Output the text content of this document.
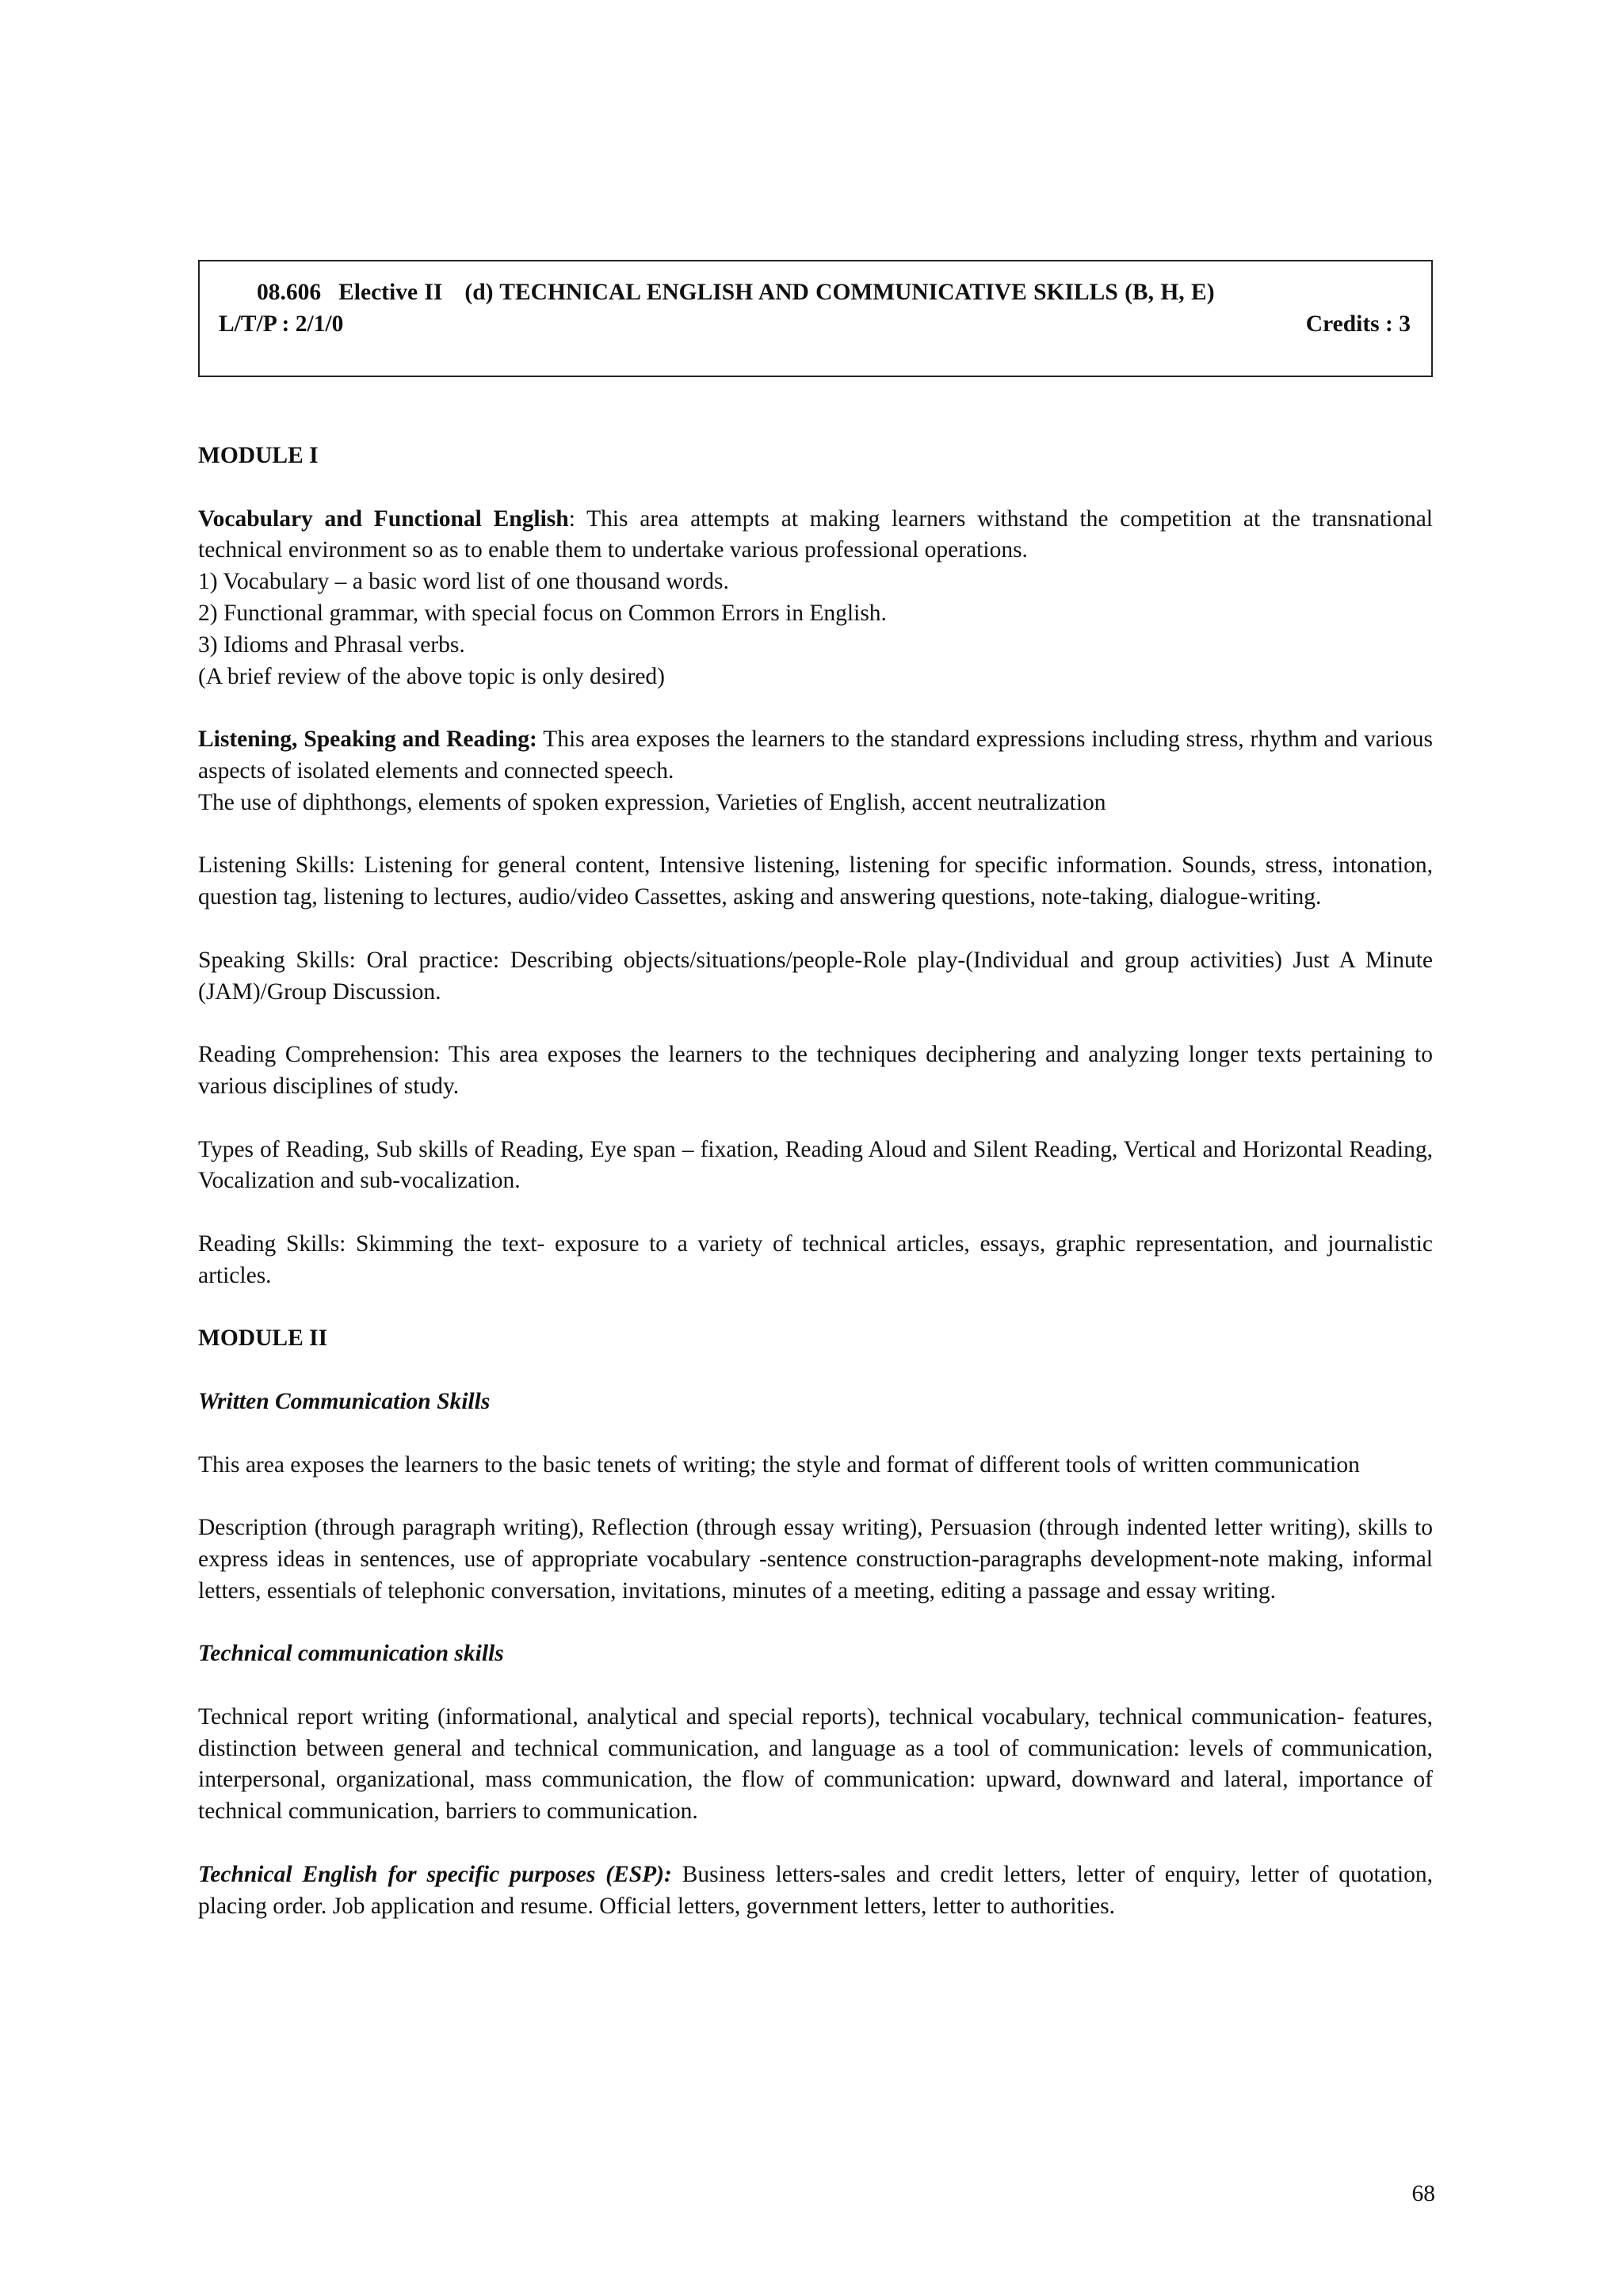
08.606 Elective II (d) TECHNICAL ENGLISH AND COMMUNICATIVE SKILLS (B, H, E)
L/T/P : 2/1/0	Credits : 3

MODULE I

Vocabulary and Functional English: This area attempts at making learners withstand the competition at the transnational technical environment so as to enable them to undertake various professional operations.

1) Vocabulary – a basic word list of one thousand words.
2) Functional grammar, with special focus on Common Errors in English.
3) Idioms and Phrasal verbs.
(A brief review of the above topic is only desired)

Listening, Speaking and Reading: This area exposes the learners to the standard expressions including stress, rhythm and various aspects of isolated elements and connected speech.

The use of diphthongs, elements of spoken expression, Varieties of English, accent neutralization

Listening Skills: Listening for general content, Intensive listening, listening for specific information. Sounds, stress, intonation, question tag, listening to lectures, audio/video Cassettes, asking and answering questions, note-taking, dialogue-writing.

Speaking Skills: Oral practice: Describing objects/situations/people-Role play-(Individual and group activities) Just A Minute (JAM)/Group Discussion.

Reading Comprehension: This area exposes the learners to the techniques deciphering and analyzing longer texts pertaining to various disciplines of study.

Types of Reading, Sub skills of Reading, Eye span – fixation, Reading Aloud and Silent Reading, Vertical and Horizontal Reading, Vocalization and sub-vocalization.

Reading Skills: Skimming the text- exposure to a variety of technical articles, essays, graphic representation, and journalistic articles.

MODULE II

Written Communication Skills

This area exposes the learners to the basic tenets of writing; the style and format of different tools of written communication

Description (through paragraph writing), Reflection (through essay writing), Persuasion (through indented letter writing), skills to express ideas in sentences, use of appropriate vocabulary -sentence construction-paragraphs development-note making, informal letters, essentials of telephonic conversation, invitations, minutes of a meeting, editing a passage and essay writing.

Technical communication skills

Technical report writing (informational, analytical and special reports), technical vocabulary, technical communication- features, distinction between general and technical communication, and language as a tool of communication: levels of communication, interpersonal, organizational, mass communication, the flow of communication: upward, downward and lateral, importance of technical communication, barriers to communication.

Technical English for specific purposes (ESP): Business letters-sales and credit letters, letter of enquiry, letter of quotation, placing order. Job application and resume. Official letters, government letters, letter to authorities.

68
